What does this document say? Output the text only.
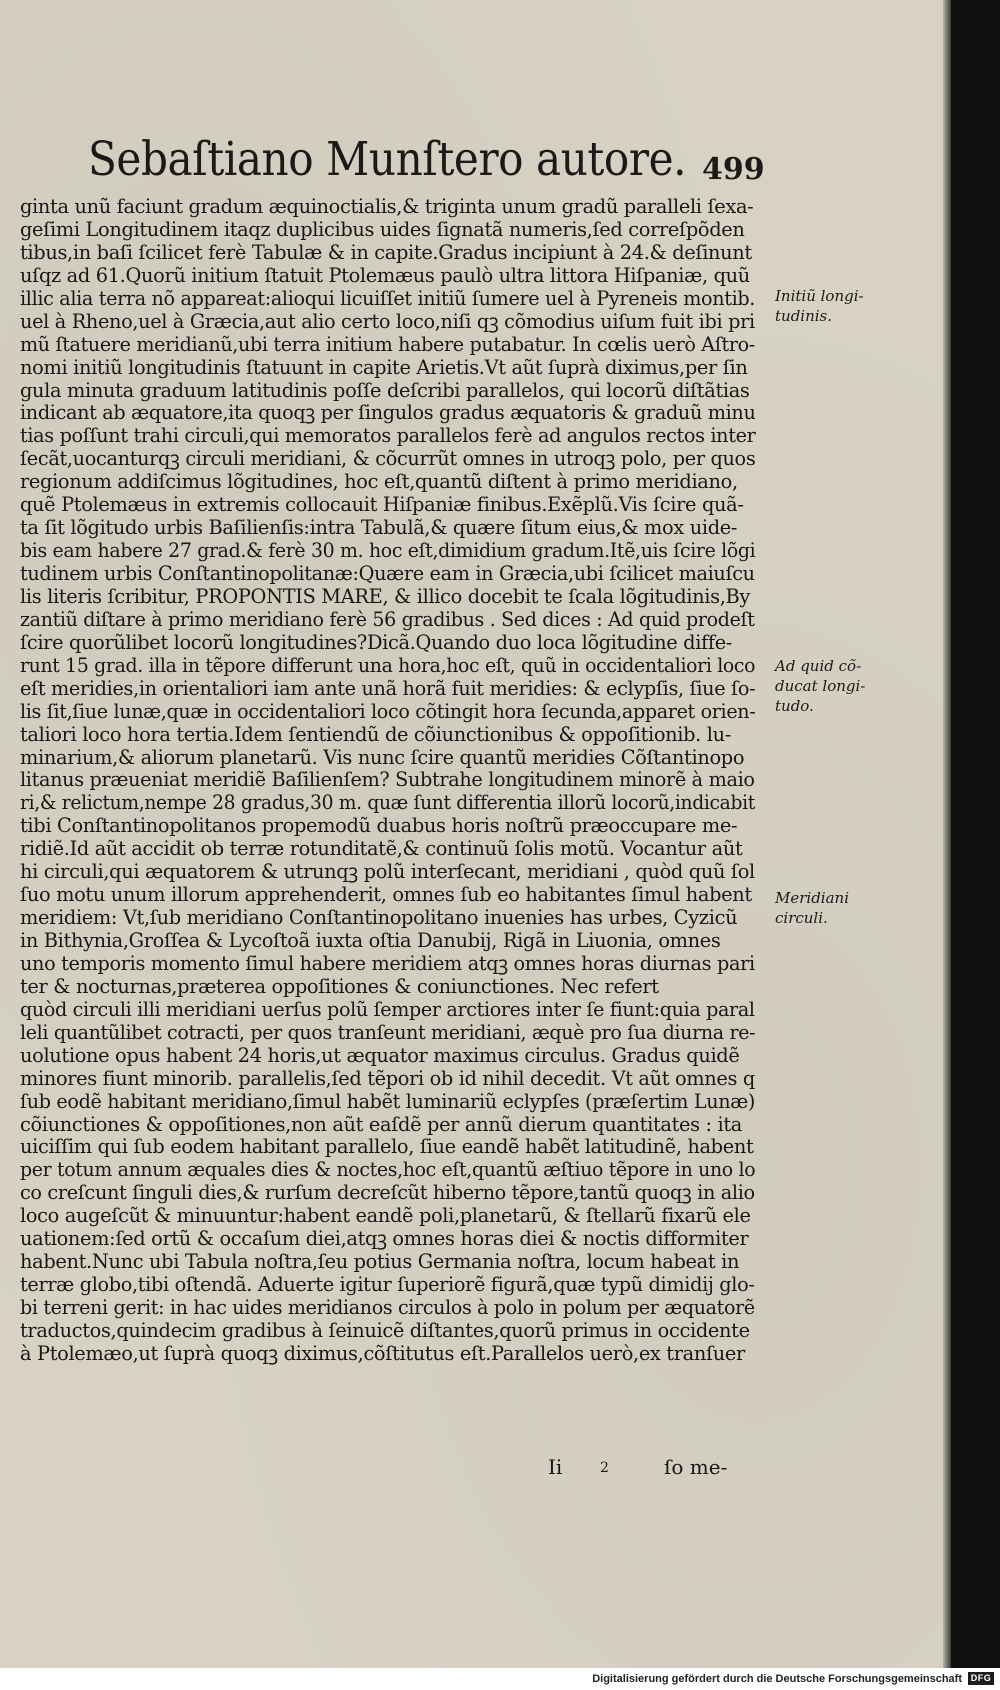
Sebaſtiano Munſtero autore. 499
ginta unũ faciunt gradum æquinoctialis,& triginta unum gradũ paralleli ſexa-
geſimi Longitudinem itaqz duplicibus uides ſignatã numeris,ſed correſpõden
tibus,in baſi ſcilicet ferè Tabulæ & in capite.Gradus incipiunt à 24.& deſinunt
uſqz ad 61.Quorũ initium ſtatuit Ptolemæus paulò ultra littora Hiſpaniæ, quũ
illic alia terra nõ appareat:alioqui licuiſſet initiũ ſumere uel à Pyreneis montib.
uel à Rheno,uel à Græcia,aut alio certo loco,niſi qꝫ cõmodius uiſum fuit ibi pri
mũ ſtatuere meridianũ,ubi terra initium habere putabatur. In cœlis uerò Aſtro-
nomi initiũ longitudinis ſtatuunt in capite Arietis.Vt aũt ſuprà diximus,per ſin
gula minuta graduum latitudinis poſſe deſcribi parallelos, qui locorũ diſtãtias
indicant ab æquatore,ita quoqꝫ per ſingulos gradus æquatoris & graduũ minu
tias poſſunt trahi circuli,qui memoratos parallelos ferè ad angulos rectos inter
ſecãt,uocanturqꝫ circuli meridiani, & cõcurrũt omnes in utroqꝫ polo, per quos
regionum addiſcimus lõgitudines, hoc eſt,quantũ diſtent à primo meridiano,
quẽ Ptolemæus in extremis collocauit Hiſpaniæ finibus.Exẽplũ.Vis ſcire quã-
ta ſit lõgitudo urbis Baſilienſis:intra Tabulã,& quære ſitum eius,& mox uide-
bis eam habere 27 grad.& ferè 30 m. hoc eſt,dimidium gradum.Itẽ,uis ſcire lõgi
tudinem urbis Conſtantinopolitanæ:Quære eam in Græcia,ubi ſcilicet maiuſcu
lis literis ſcribitur, PROPONTIS MARE, & illico docebit te ſcala lõgitudinis,By
zantiũ diſtare à primo meridiano ferè 56 gradibus . Sed dices : Ad quid prodeſt
ſcire quorũlibet locorũ longitudines?Dicã.Quando duo loca lõgitudine diffe-
runt 15 grad. illa in tẽpore differunt una hora,hoc eſt, quũ in occidentaliori loco
eſt meridies,in orientaliori iam ante unã horã fuit meridies: & eclypſis, ſiue ſo-
lis ſit,ſiue lunæ,quæ in occidentaliori loco cõtingit hora ſecunda,apparet orien-
taliori loco hora tertia.Idem ſentiendũ de cõiunctionibus & oppoſitionib. lu-
minarium,& aliorum planetarũ. Vis nunc ſcire quantũ meridies Cõſtantinopo
litanus præueniat meridiẽ Baſilienſem? Subtrahe longitudinem minorẽ à maio
ri,& relictum,nempe 28 gradus,30 m. quæ ſunt differentia illorũ locorũ,indicabit
tibi Conſtantinopolitanos propemodũ duabus horis noſtrũ præoccupare me-
ridiẽ.Id aũt accidit ob terræ rotunditatẽ,& continuũ ſolis motũ. Vocantur aũt
hi circuli,qui æquatorem & utrunqꝫ polũ interſecant, meridiani , quòd quũ ſol
ſuo motu unum illorum apprehenderit, omnes ſub eo habitantes ſimul habent
meridiem: Vt,ſub meridiano Conſtantinopolitano inuenies has urbes, Cyzicũ
in Bithynia,Groſſea & Lycoſtoã iuxta oſtia Danubij, Rigã in Liuonia, omnes
uno temporis momento ſimul habere meridiem atqꝫ omnes horas diurnas pari
ter & nocturnas,præterea oppoſitiones & coniunctiones. Nec refert
quòd circuli illi meridiani uerſus polũ ſemper arctiores inter ſe fiunt:quia paral
leli quantũlibet cotracti, per quos tranſeunt meridiani, æquè pro ſua diurna re-
uolutione opus habent 24 horis,ut æquator maximus circulus. Gradus quidẽ
minores fiunt minorib. parallelis,ſed tẽpori ob id nihil decedit. Vt aũt omnes q
ſub eodẽ habitant meridiano,ſimul habẽt luminariũ eclypſes (præſertim Lunæ)
cõiunctiones & oppoſitiones,non aũt eaſdẽ per annũ dierum quantitates : ita
uiciſſim qui ſub eodem habitant parallelo, ſiue eandẽ habẽt latitudinẽ, habent
per totum annum æquales dies & noctes,hoc eſt,quantũ æſtiuo tẽpore in uno lo
co creſcunt ſinguli dies,& rurſum decreſcũt hiberno tẽpore,tantũ quoqꝫ in alio
loco augeſcũt & minuuntur:habent eandẽ poli,planetarũ, & ſtellarũ fixarũ ele
uationem:ſed ortũ & occaſum diei,atqꝫ omnes horas diei & noctis difformiter
habent.Nunc ubi Tabula noſtra,ſeu potius Germania noſtra, locum habeat in
terræ globo,tibi oſtendã. Aduerte igitur ſuperiorẽ figurã,quæ typũ dimidij glo-
bi terreni gerit: in hac uides meridianos circulos à polo in polum per æquatorẽ
traductos,quindecim gradibus à ſeinuicẽ diſtantes,quorũ primus in occidente
à Ptolemæo,ut ſuprà quoqꝫ diximus,cõſtitutus eſt.Parallelos uerò,ex tranſuer
Initiũ longi-
tudinis.
Ad quid cõ-
ducat longi-
tudo.
Meridiani
circuli.
Ii	2	ſo me-
Digitalisierung gefördert durch die Deutsche Forschungsgemeinschaft DFG
